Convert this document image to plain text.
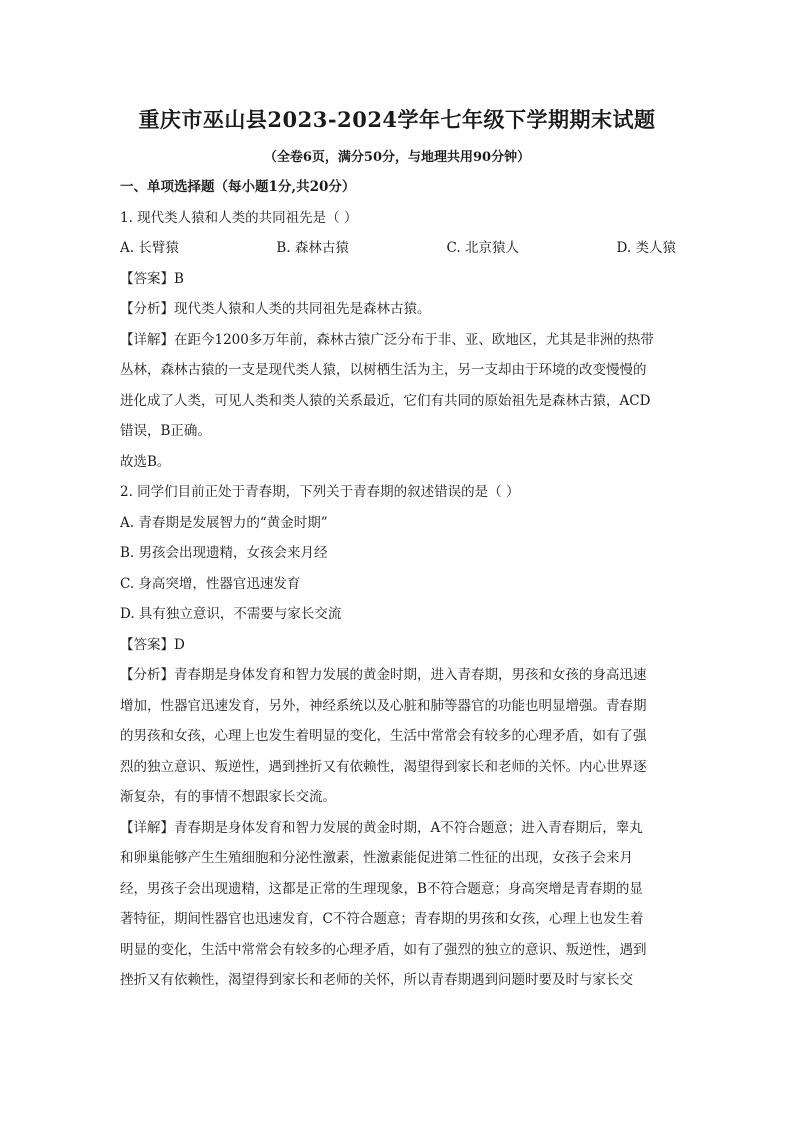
重庆市巫山县2023-2024学年七年级下学期期末试题
（全卷6页，满分50分，与地理共用90分钟）
一、单项选择题（每小题1分,共20分）
1. 现代类人猿和人类的共同祖先是（ ）
A. 长臂猿	B. 森林古猿	C. 北京猿人	D. 类人猿
【答案】B
【分析】现代类人猿和人类的共同祖先是森林古猿。
【详解】在距今1200多万年前，森林古猿广泛分布于非、亚、欧地区，尤其是非洲的热带
丛林，森林古猿的一支是现代类人猿，以树栖生活为主，另一支却由于环境的改变慢慢的
进化成了人类，可见人类和类人猿的关系最近，它们有共同的原始祖先是森林古猿，ACD
错误，B正确。
故选B。
2. 同学们目前正处于青春期，下列关于青春期的叙述错误的是（ ）
A. 青春期是发展智力的“黄金时期”
B. 男孩会出现遗精，女孩会来月经
C. 身高突增，性器官迅速发育
D. 具有独立意识，不需要与家长交流
【答案】D
【分析】青春期是身体发育和智力发展的黄金时期，进入青春期，男孩和女孩的身高迅速
增加，性器官迅速发育，另外，神经系统以及心脏和肺等器官的功能也明显增强。青春期
的男孩和女孩，心理上也发生着明显的变化，生活中常常会有较多的心理矛盾，如有了强
烈的独立意识、叛逆性，遇到挫折又有依赖性，渴望得到家长和老师的关怀。内心世界逐
渐复杂，有的事情不想跟家长交流。
【详解】青春期是身体发育和智力发展的黄金时期，A不符合题意；进入青春期后，睾丸
和卵巢能够产生生殖细胞和分泌性激素，性激素能促进第二性征的出现，女孩子会来月
经，男孩子会出现遗精，这都是正常的生理现象，B不符合题意；身高突增是青春期的显
著特征，期间性器官也迅速发育，C不符合题意；青春期的男孩和女孩，心理上也发生着
明显的变化，生活中常常会有较多的心理矛盾，如有了强烈的独立的意识、叛逆性，遇到
挫折又有依赖性，渴望得到家长和老师的关怀，所以青春期遇到问题时要及时与家长交
